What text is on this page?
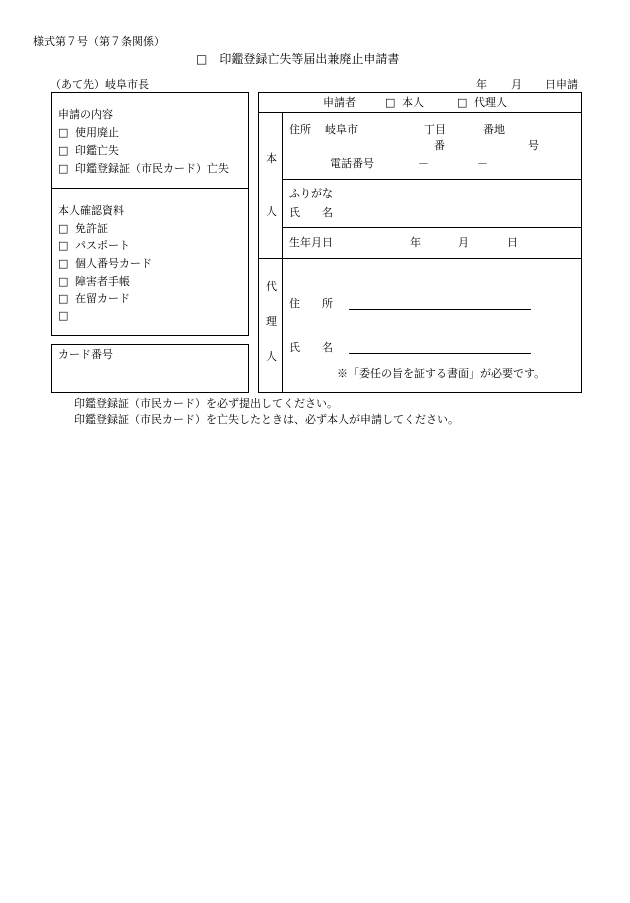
様式第７号（第７条関係）
□　印鑑登録亡失等届出兼廃止申請書
（あて先）岐阜市長	年 月 日申請
申請の内容
□ 使用廃止
□ 印鑑亡失
□ 印鑑登録証（市民カード）亡失
本人確認資料
□ 免許証
□ パスポート
□ 個人番号カード
□ 障害者手帳
□ 在留カード
□
カード番号
申請者	□ 本人	□ 代理人
本
人
住所 岐阜市	丁目	番地
番	号
電話番号	－	－
ふりがな
氏　　名
生年月日	年	月	日
代
理
人
住　　所
氏　　名
※「委任の旨を証する書面」が必要です。
印鑑登録証（市民カード）を必ず提出してください。
印鑑登録証（市民カード）を亡失したときは、必ず本人が申請してください。
